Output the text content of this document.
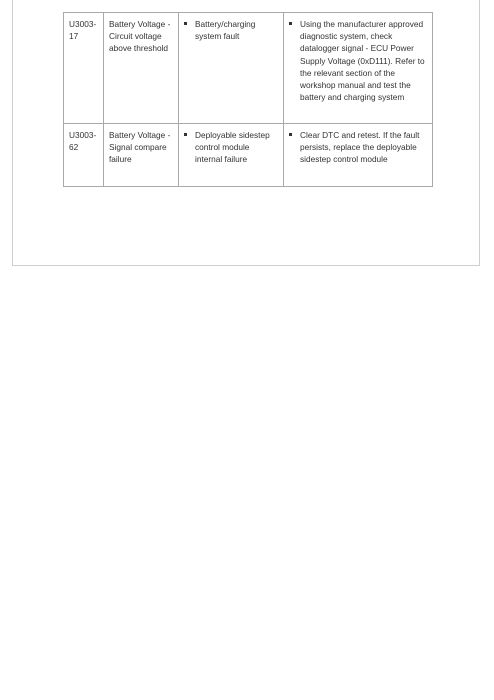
U3003-
17	Battery Voltage - Circuit voltage above threshold	Battery/charging system fault	Using the manufacturer approved diagnostic system, check datalogger signal - ECU Power Supply Voltage (0xD111). Refer to the relevant section of the workshop manual and test the battery and charging system
U3003-
62	Battery Voltage - Signal compare failure	Deployable sidestep control module internal failure	Clear DTC and retest. If the fault persists, replace the deployable sidestep control module
